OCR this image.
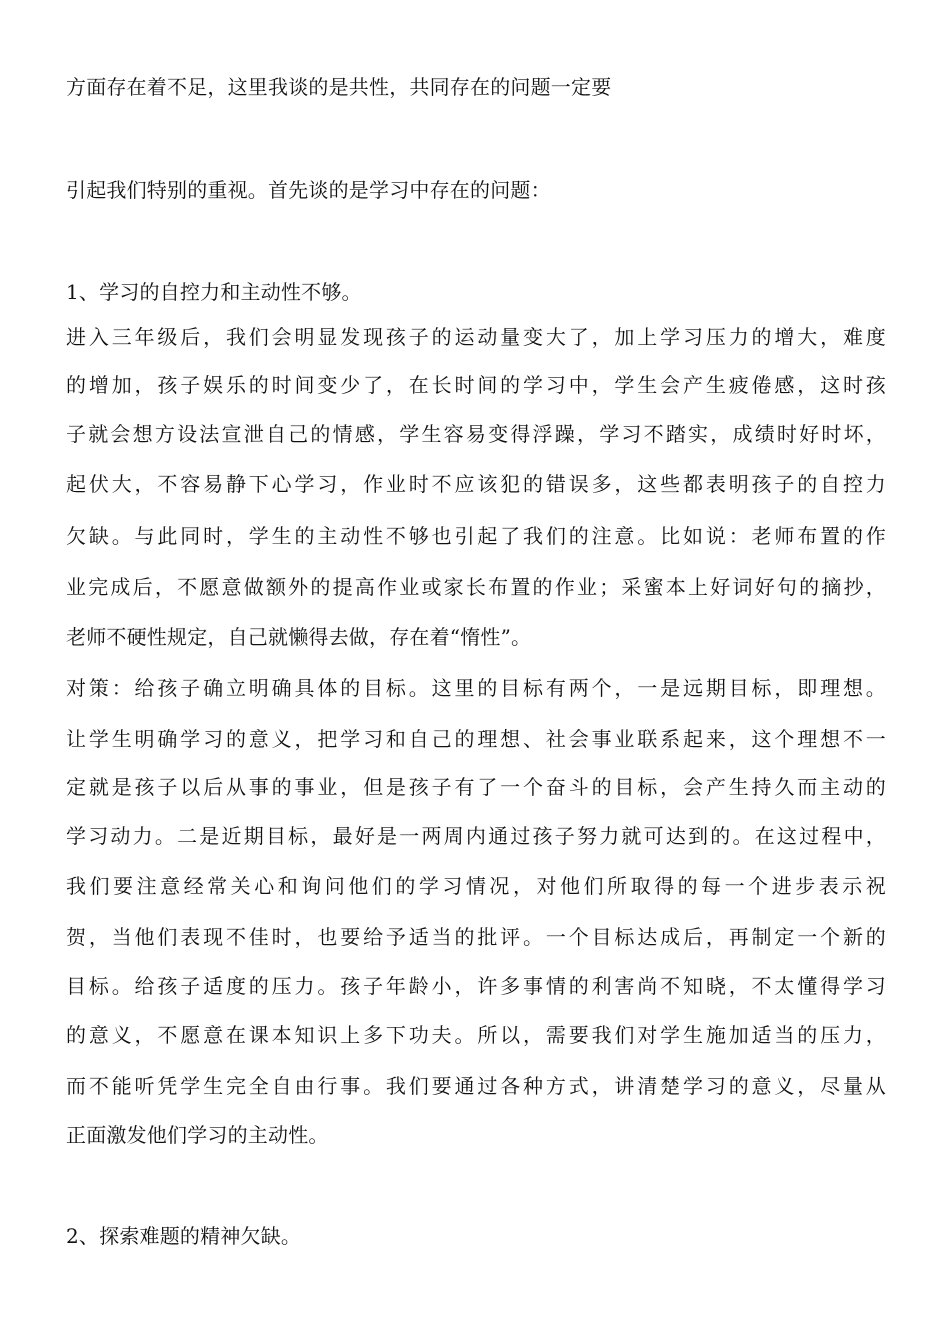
方面存在着不足，这里我谈的是共性，共同存在的问题一定要
引起我们特别的重视。首先谈的是学习中存在的问题：
1、学习的自控力和主动性不够。
进入三年级后，我们会明显发现孩子的运动量变大了，加上学习压力的增大，难度
的增加，孩子娱乐的时间变少了，在长时间的学习中，学生会产生疲倦感，这时孩
子就会想方设法宣泄自己的情感，学生容易变得浮躁，学习不踏实，成绩时好时坏，
起伏大，不容易静下心学习，作业时不应该犯的错误多，这些都表明孩子的自控力
欠缺。与此同时，学生的主动性不够也引起了我们的注意。比如说：老师布置的作
业完成后，不愿意做额外的提高作业或家长布置的作业；采蜜本上好词好句的摘抄，
老师不硬性规定，自己就懒得去做，存在着“惰性”。
对策：给孩子确立明确具体的目标。这里的目标有两个，一是远期目标，即理想。
让学生明确学习的意义，把学习和自己的理想、社会事业联系起来，这个理想不一
定就是孩子以后从事的事业，但是孩子有了一个奋斗的目标，会产生持久而主动的
学习动力。二是近期目标，最好是一两周内通过孩子努力就可达到的。在这过程中，
我们要注意经常关心和询问他们的学习情况，对他们所取得的每一个进步表示祝
贺，当他们表现不佳时，也要给予适当的批评。一个目标达成后，再制定一个新的
目标。给孩子适度的压力。孩子年龄小，许多事情的利害尚不知晓，不太懂得学习
的意义，不愿意在课本知识上多下功夫。所以，需要我们对学生施加适当的压力，
而不能听凭学生完全自由行事。我们要通过各种方式，讲清楚学习的意义，尽量从
正面激发他们学习的主动性。
2、探索难题的精神欠缺。
